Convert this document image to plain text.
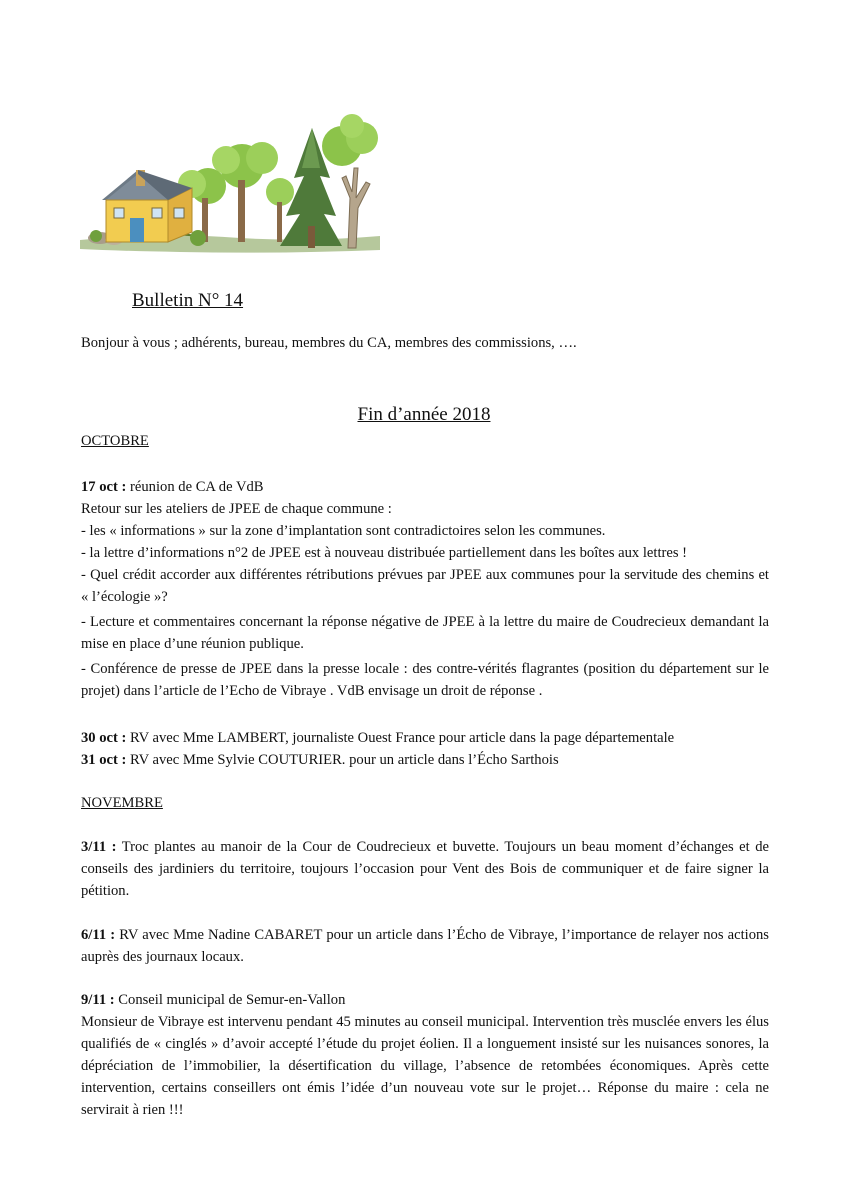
Bulletin N° 14
Bonjour à vous ; adhérents, bureau, membres du CA, membres des commissions, ….
Fin d’année 2018
OCTOBRE

17 oct : réunion de CA de VdB

Retour sur les ateliers de JPEE de chaque commune :

- les « informations » sur la zone d’implantation sont contradictoires selon les communes.

- la lettre d’informations n°2 de JPEE est à nouveau distribuée partiellement dans les boîtes aux lettres !

- Quel crédit accorder aux différentes rétributions prévues par JPEE aux communes pour la servitude des chemins et « l’écologie »?

- Lecture et commentaires concernant la réponse négative de JPEE à la lettre du maire de Coudrecieux demandant la mise en place d’une réunion publique.

- Conférence de presse de JPEE dans la presse locale : des contre-vérités flagrantes (position du département sur le projet) dans l’article de l’Echo de Vibraye . VdB envisage un droit de réponse .

30 oct : RV avec Mme LAMBERT, journaliste Ouest France pour article dans la page départementale

31 oct : RV avec Mme Sylvie COUTURIER. pour un article dans l’Écho Sarthois

NOVEMBRE

3/11 : Troc plantes au manoir de la Cour de Coudrecieux et buvette. Toujours un beau moment d’échanges et de conseils des jardiniers du territoire, toujours l’occasion pour Vent des Bois de communiquer et de faire signer la pétition.

6/11 : RV avec Mme Nadine CABARET pour un article dans l’Écho de Vibraye, l’importance de relayer nos actions auprès des journaux locaux.

9/11 : Conseil municipal de Semur-en-Vallon

Monsieur de Vibraye est intervenu pendant 45 minutes au conseil municipal. Intervention très musclée envers les élus qualifiés de « cinglés » d’avoir accepté l’étude du projet éolien. Il a longuement insisté sur les nuisances sonores, la dépréciation de l’immobilier, la désertification du village, l’absence de retombées économiques. Après cette intervention, certains conseillers ont émis l’idée d’un nouveau vote sur le projet… Réponse du maire : cela ne servirait à rien !!!
